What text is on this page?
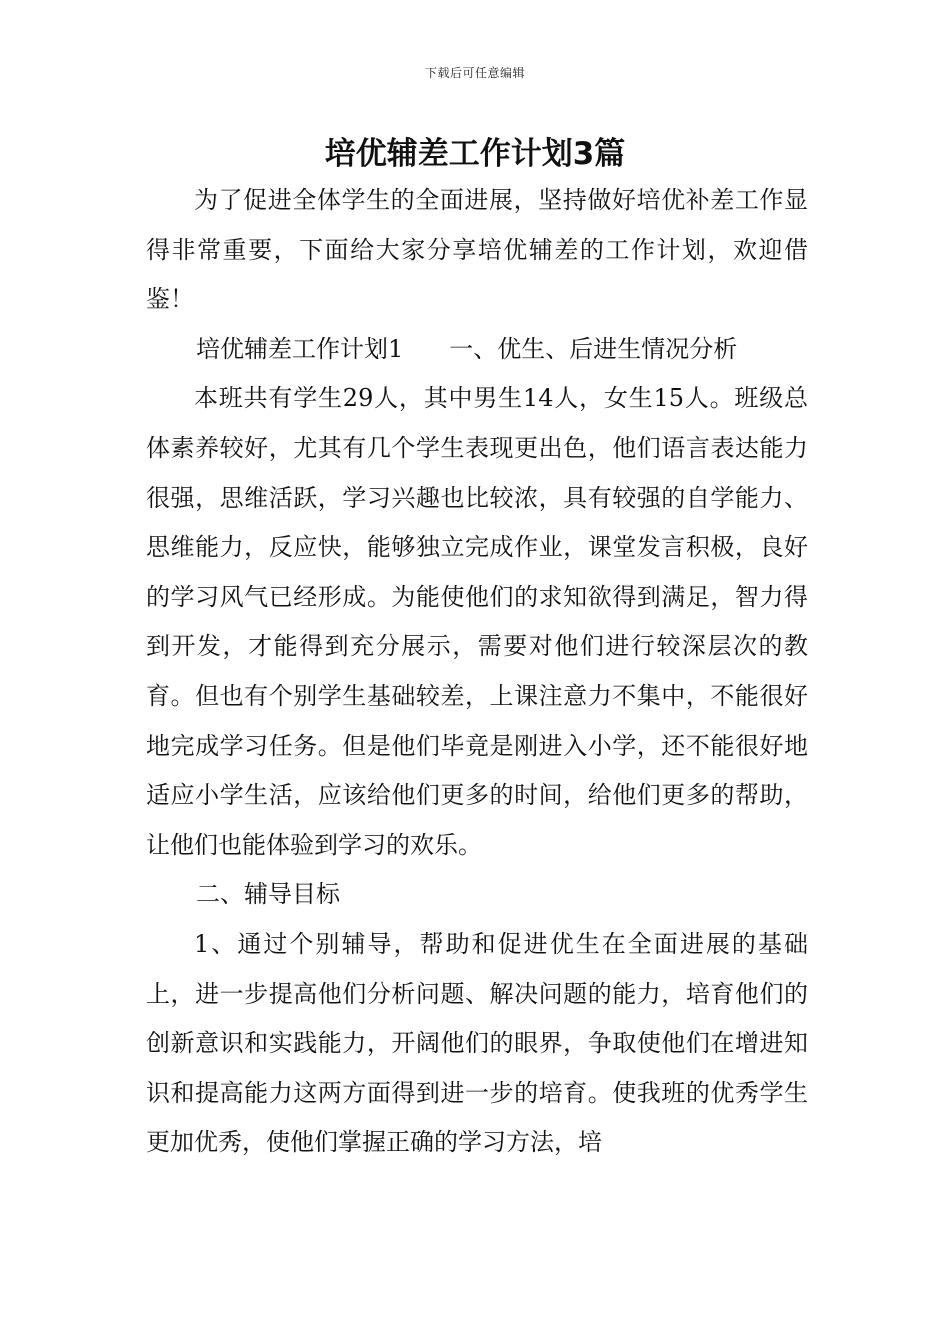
下载后可任意编辑
培优辅差工作计划3篇

为了促进全体学生的全面进展，坚持做好培优补差工作显得非常重要，下面给大家分享培优辅差的工作计划，欢迎借鉴！

培优辅差工作计划1 一、优生、后进生情况分析

本班共有学生29人，其中男生14人，女生15人。班级总体素养较好，尤其有几个学生表现更出色，他们语言表达能力很强，思维活跃，学习兴趣也比较浓，具有较强的自学能力、思维能力，反应快，能够独立完成作业，课堂发言积极，良好的学习风气已经形成。为能使他们的求知欲得到满足，智力得到开发，才能得到充分展示，需要对他们进行较深层次的教育。但也有个别学生基础较差，上课注意力不集中，不能很好地完成学习任务。但是他们毕竟是刚进入小学，还不能很好地适应小学生活，应该给他们更多的时间，给他们更多的帮助，让他们也能体验到学习的欢乐。

二、辅导目标

1、通过个别辅导，帮助和促进优生在全面进展的基础上，进一步提高他们分析问题、解决问题的能力，培育他们的创新意识和实践能力，开阔他们的眼界，争取使他们在增进知识和提高能力这两方面得到进一步的培育。使我班的优秀学生更加优秀，使他们掌握正确的学习方法，培
